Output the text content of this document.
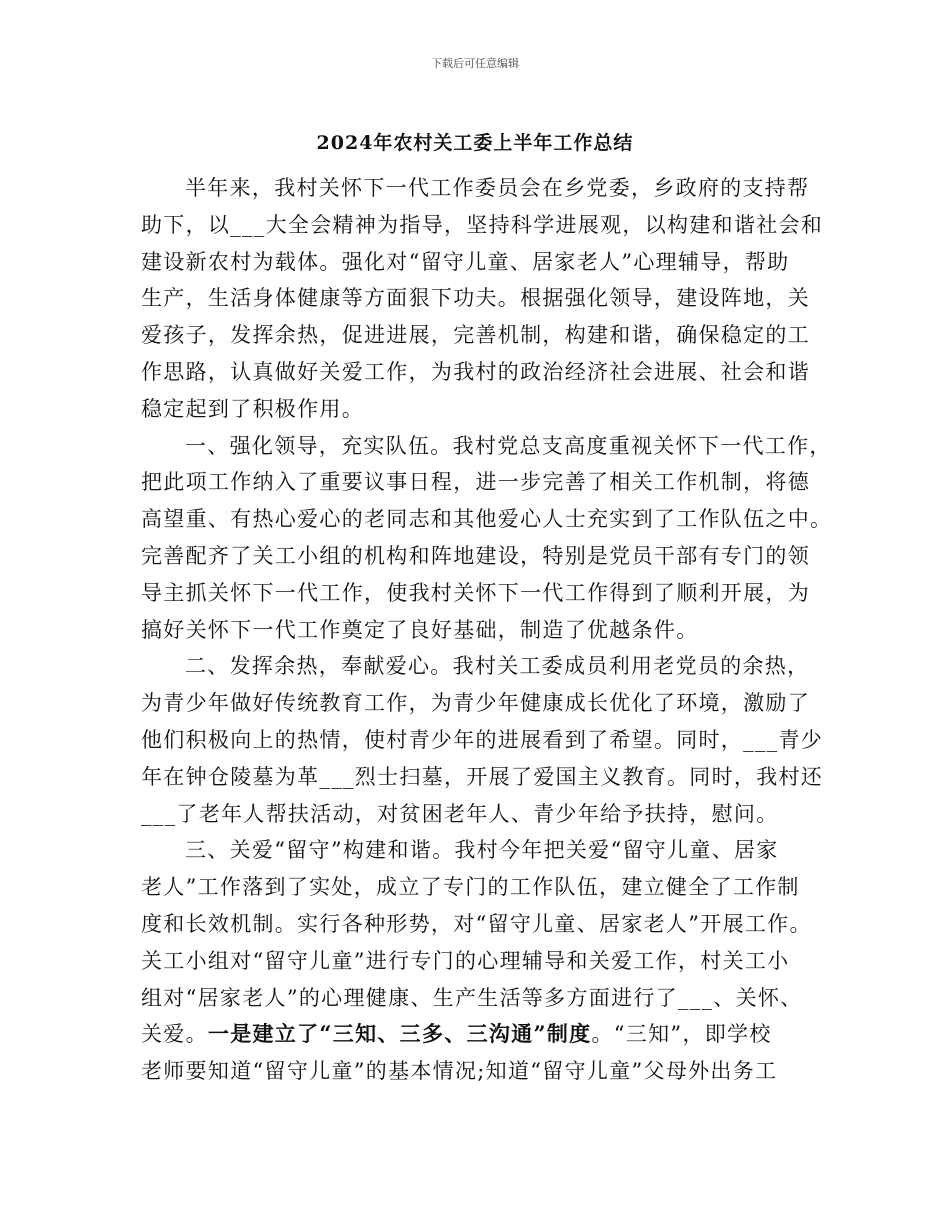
下载后可任意编辑
2024年农村关工委上半年工作总结
半年来，我村关怀下一代工作委员会在乡党委，乡政府的支持帮
助下，以___大全会精神为指导，坚持科学进展观，以构建和谐社会和
建设新农村为载体。强化对“留守儿童、居家老人”心理辅导，帮助
生产，生活身体健康等方面狠下功夫。根据强化领导，建设阵地，关
爱孩子，发挥余热，促进进展，完善机制，构建和谐，确保稳定的工
作思路，认真做好关爱工作，为我村的政治经济社会进展、社会和谐
稳定起到了积极作用。
一、强化领导，充实队伍。我村党总支高度重视关怀下一代工作，
把此项工作纳入了重要议事日程，进一步完善了相关工作机制，将德
高望重、有热心爱心的老同志和其他爱心人士充实到了工作队伍之中。
完善配齐了关工小组的机构和阵地建设，特别是党员干部有专门的领
导主抓关怀下一代工作，使我村关怀下一代工作得到了顺利开展，为
搞好关怀下一代工作奠定了良好基础，制造了优越条件。
二、发挥余热，奉献爱心。我村关工委成员利用老党员的余热，
为青少年做好传统教育工作，为青少年健康成长优化了环境，激励了
他们积极向上的热情，使村青少年的进展看到了希望。同时，___青少
年在钟仓陵墓为革___烈士扫墓，开展了爱国主义教育。同时，我村还
___了老年人帮扶活动，对贫困老年人、青少年给予扶持，慰问。
三、关爱“留守”构建和谐。我村今年把关爱“留守儿童、居家
老人”工作落到了实处，成立了专门的工作队伍，建立健全了工作制
度和长效机制。实行各种形势，对“留守儿童、居家老人”开展工作。
关工小组对“留守儿童”进行专门的心理辅导和关爱工作，村关工小
组对“居家老人”的心理健康、生产生活等多方面进行了___、关怀、
关爱。一是建立了“三知、三多、三沟通”制度。“三知”，即学校
老师要知道“留守儿童”的基本情况;知道“留守儿童”父母外出务工
